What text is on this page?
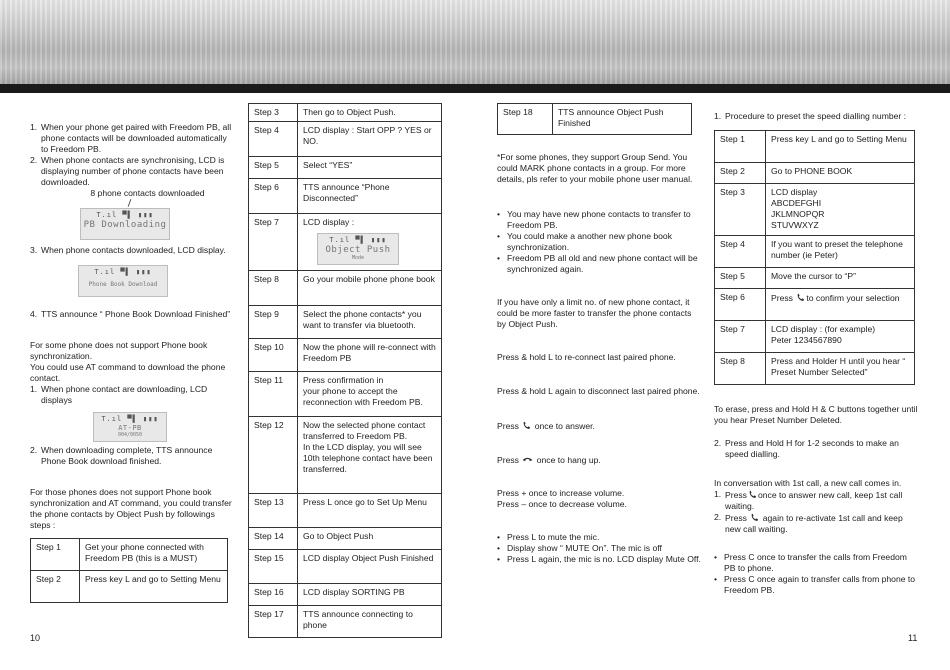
1. When your phone get paired with Freedom PB, all phone contacts will be downloaded automatically to Freedom PB.
2. When phone contacts are synchronising, LCD is displaying number of phone contacts have been downloaded.

8 phone contacts downloaded

T.ıl ▀▌ ▮▮▮
PB Downloading
3. When phone contacts downloaded, LCD display.
T.ıl ▀▌ ▮▮▮
Phone Book Download
4. TTS announce “ Phone Book Download Finished”

For some phone does not support Phone book synchronization.
You could use AT command to download the phone contact.

1. When phone contact are downloading, LCD displays
T.ıl ▀▌ ▮▮▮
AT-PB
004/0050
2. When downloading complete, TTS announce Phone Book download finished.

For those phones does not support Phone book synchronization and AT command, you could transfer the phone contacts by Object Push by followings steps :

Step 1	Get your phone connected with Freedom PB (this is a MUST)
Step 2	Press key L and go to Setting Menu
Step 3	Then go to Object Push.
Step 4	LCD display : Start OPP ? YES or NO.
Step 5	Select “YES”
Step 6	TTS announce “Phone Disconnected”
Step 7	LCD display :
T.ıl ▀▌ ▮▮▮
Object Push
Mode

Step 8	Go your mobile phone phone book
Step 9	Select the phone contacts* you want to transfer via bluetooth.
Step 10	Now the phone will re-connect with Freedom PB
Step 11	Press confirmation in
your phone to accept the reconnection with Freedom PB.
Step 12	Now the selected phone contact transferred to Freedom PB.
In the LCD display, you will see 10th telephone contact have been transferred.
Step 13	Press L once go to Set Up Menu
Step 14	Go to Object Push
Step 15	LCD display Object Push Finished
Step 16	LCD display SORTING PB
Step 17	TTS announce connecting to phone
Step 18	TTS announce Object Push Finished

*For some phones, they support Group Send. You could MARK phone contacts in a group. For more details, pls refer to your mobile phone user manual.

• You may have new phone contacts to transfer to Freedom PB.
• You could make a another new phone book synchronization.
• Freedom PB all old and new phone contact will be synchronized again.

If you have only a limit no. of new phone contact, it could be more faster to transfer the phone contacts by Object Push.

Press & hold L to re-connect last paired phone.

Press & hold L again to disconnect last paired phone.

Press once to answer.

Press once to hang up.

Press + once to increase volume.
Press – once to decrease volume.

• Press L to mute the mic.
• Display show “ MUTE On”. The mic is off
• Press L again, the mic is no. LCD display Mute Off.
1. Procedure to preset the speed dialling number :
Step 1	Press key L and go to Setting Menu
Step 2	Go to PHONE BOOK
Step 3	LCD display
ABCDEFGHI
JKLMNOPQR
STUVWXYZ
Step 4	If you want to preset the telephone number (ie Peter)
Step 5	Move the cursor to “P”
Step 6	Press to confirm your selection
Step 7	LCD display : (for example)
Peter 1234567890
Step 8	Press and Holder H until you hear “ Preset Number Selected”

To erase, press and Hold H & C buttons together until you hear Preset Number Deleted.

2. Press and Hold H for 1-2 seconds to make an speed dialling.

In conversation with 1st call, a new call comes in.

1. Press once to answer new call, keep 1st call waiting.
2. Press again to re-activate 1st call and keep new call waiting.
• Press C once to transfer the calls from Freedom PB to phone.
• Press C once again to transfer calls from phone to Freedom PB.
10	11
